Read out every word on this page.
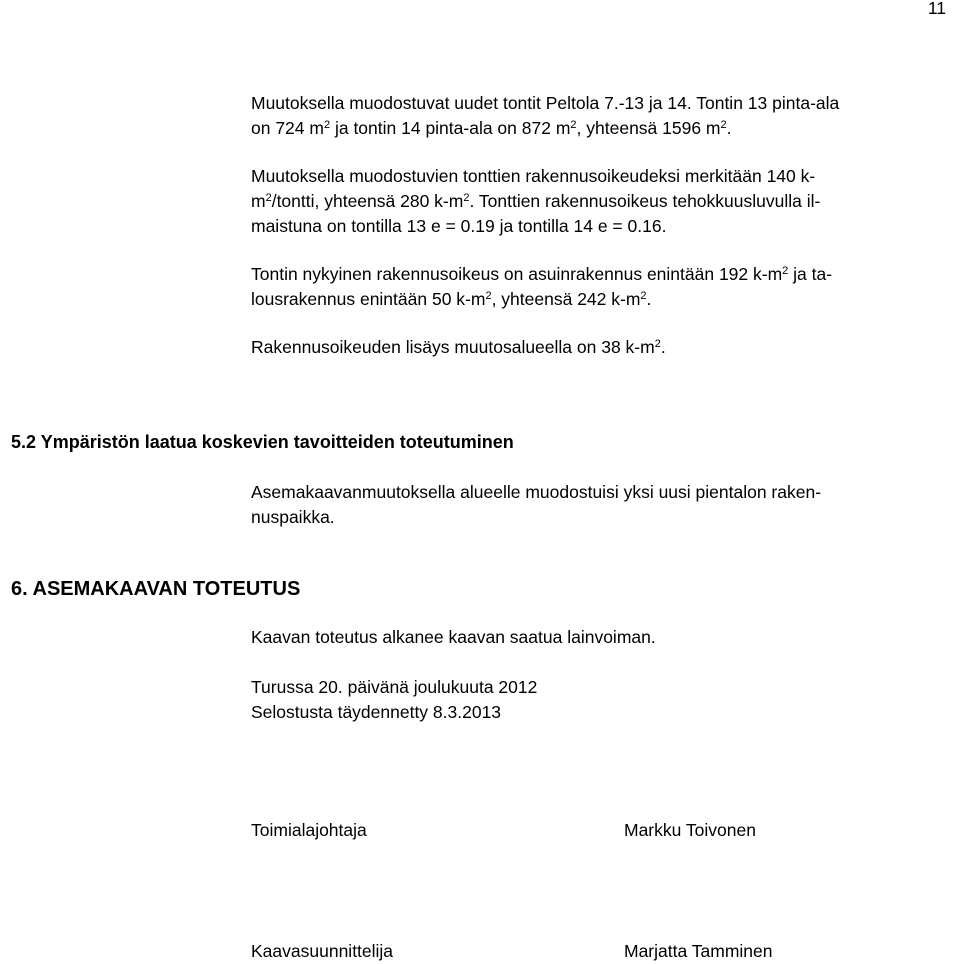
11
Muutoksella muodostuvat uudet tontit Peltola 7.-13 ja 14. Tontin 13 pinta-ala
on 724 $m^2$ ja tontin 14 pinta-ala on 872 $m^2$, yhteensä 1596 $m^2$.
Muutoksella muodostuvien tonttien rakennusoikeudeksi merkitään 140 k-
$m^2$/tontti, yhteensä 280 $k-m^2$. Tonttien rakennusoikeus tehokkuusluvulla il-
maistuna on tontilla 13 e = 0.19 ja tontilla 14 e = 0.16.
Tontin nykyinen rakennusoikeus on asuinrakennus enintään 192 $k-m^2$ ja ta-
lousrakennus enintään 50 $k-m^2$, yhteensä 242 $k-m^2$.
Rakennusoikeuden lisäys muutosalueella on 38 $k-m^2$.
5.2 Ympäristön laatua koskevien tavoitteiden toteutuminen
Asemakaavanmuutoksella alueelle muodostuisi yksi uusi pientalon raken-
nuspaikka.
6. ASEMAKAAVAN TOTEUTUS
Kaavan toteutus alkanee kaavan saatua lainvoiman.
Turussa 20. päivänä joulukuuta 2012
Selostusta täydennetty 8.3.2013
Toimialajohtaja	Markku Toivonen
Kaavasuunnittelija	Marjatta Tamminen
